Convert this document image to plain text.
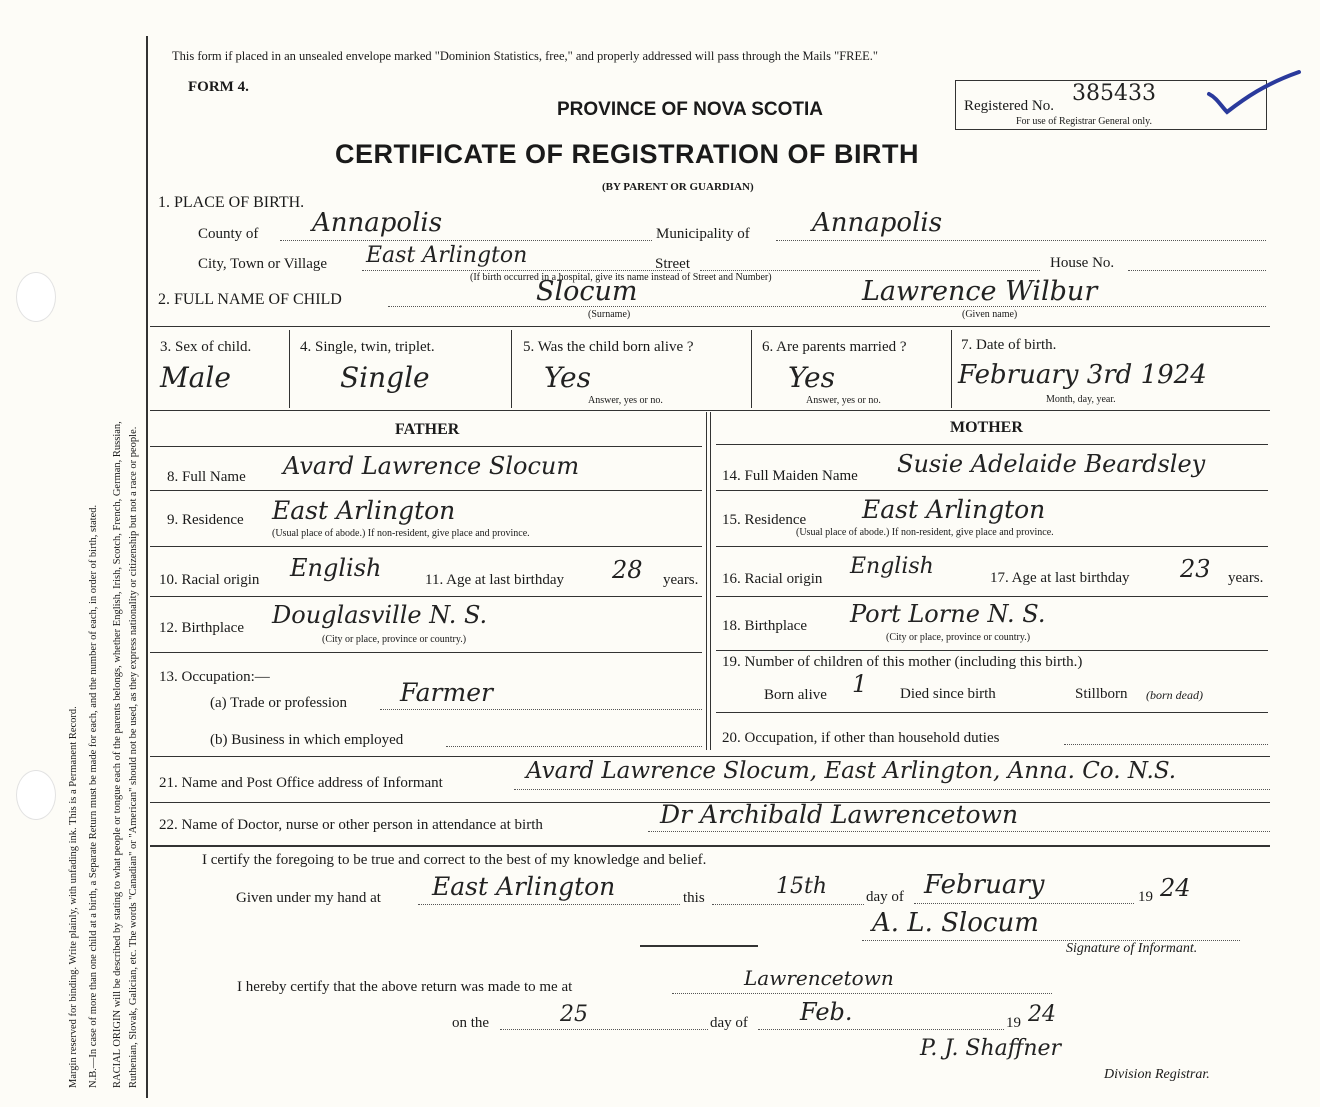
Margin reserved for binding. Write plainly, with unfading ink. This is a Permanent Record. N.B.—In case of more than one child at a birth, a Separate Return must be made for each, and the number of each, in order of birth, stated. RACIAL ORIGIN will be described by stating to what people or tongue each of the parents belongs, whether English, Irish, Scotch, French, German, Russian, Ruthenian, Slovak, Galician, etc. The words "Canadian" or "American" should not be used, as they express nationality or citizenship but not a race or people.
This form if placed in an unsealed envelope marked "Dominion Statistics, free," and properly addressed will pass through the Mails "FREE."
FORM 4.
PROVINCE OF NOVA SCOTIA	Registered No. 385433
For use of Registrar General only.
CERTIFICATE OF REGISTRATION OF BIRTH
(BY PARENT OR GUARDIAN)
1. PLACE OF BIRTH.
County of Annapolis	Municipality of Annapolis
City, Town or Village East Arlington	Street
(If birth occurred in a hospital, give its name instead of Street and Number)
House No.
2. FULL NAME OF CHILD	Slocum
(Surname)
Lawrence Wilbur
(Given name)
3. Sex of child.
Male
4. Single, twin, triplet.
Single
5. Was the child born alive ?
Yes
Answer, yes or no.
6. Are parents married ?
Yes
Answer, yes or no.
7. Date of birth.
February 3rd 1924
Month, day, year.
FATHER	MOTHER
8. Full Name Avard Lawrence Slocum
9. Residence East Arlington
(Usual place of abode.) If non-resident, give place and province.
10. Racial origin English	11. Age at last birthday 28 years.
12. Birthplace Douglasville N. S.
(City or place, province or country.)
13. Occupation:—
(a) Trade or profession Farmer
(b) Business in which employed
14. Full Maiden Name Susie Adelaide Beardsley
15. Residence East Arlington
(Usual place of abode.) If non-resident, give place and province.
16. Racial origin English	17. Age at last birthday 23 years.
18. Birthplace Port Lorne N. S.
(City or place, province or country.)
19. Number of children of this mother (including this birth.)
Born alive 1 Died since birth	Stillborn (born dead)
20. Occupation, if other than household duties
21. Name and Post Office address of Informant	Avard Lawrence Slocum, East Arlington, Anna. Co. N.S.
22. Name of Doctor, nurse or other person in attendance at birth	Dr Archibald Lawrencetown
I certify the foregoing to be true and correct to the best of my knowledge and belief.
Given under my hand at East Arlington	this	15th	day of February	19 24
A. L. Slocum
Signature of Informant.
I hereby certify that the above return was made to me at	Lawrencetown
on the	25	day of Feb.	19 24
P. J. Shaffner
Division Registrar.
